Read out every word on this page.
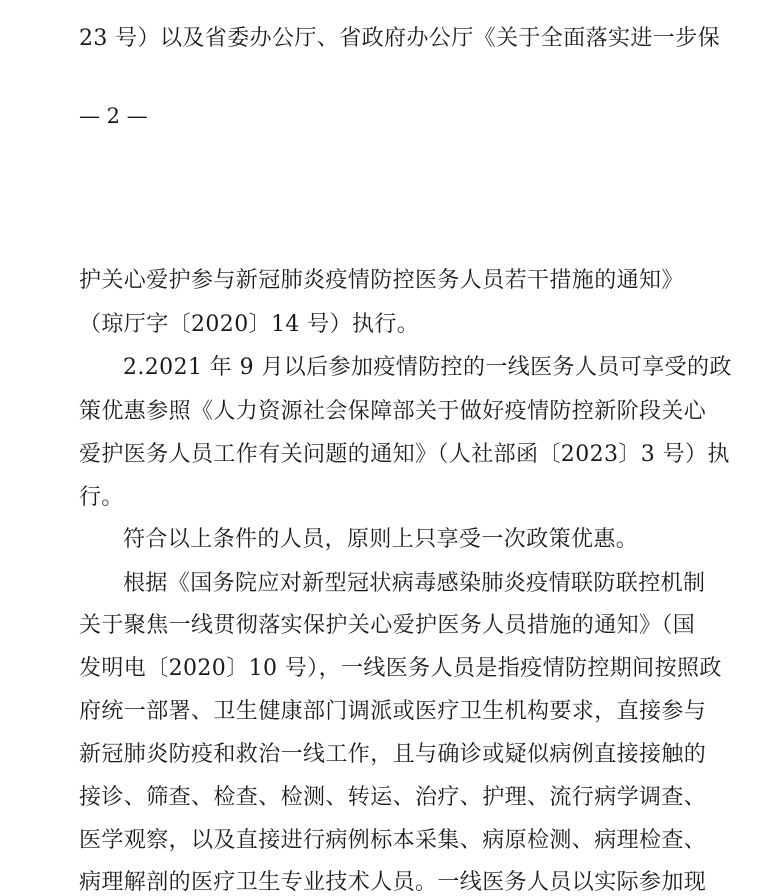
23 号）以及省委办公厅、省政府办公厅《关于全面落实进一步保
— 2 —
护关心爱护参与新冠肺炎疫情防控医务人员若干措施的通知》
（琼厅字〔2020〕14 号）执行。
2.2021 年 9 月以后参加疫情防控的一线医务人员可享受的政
策优惠参照《人力资源社会保障部关于做好疫情防控新阶段关心
爱护医务人员工作有关问题的通知》（人社部函〔2023〕3 号）执
行。
符合以上条件的人员，原则上只享受一次政策优惠。
根据《国务院应对新型冠状病毒感染肺炎疫情联防联控机制
关于聚焦一线贯彻落实保护关心爱护医务人员措施的通知》（国
发明电〔2020〕10 号），一线医务人员是指疫情防控期间按照政
府统一部署、卫生健康部门调派或医疗卫生机构要求，直接参与
新冠肺炎防疫和救治一线工作，且与确诊或疑似病例直接接触的
接诊、筛查、检查、检测、转运、治疗、护理、流行病学调查、
医学观察，以及直接进行病例标本采集、病原检测、病理检查、
病理解剖的医疗卫生专业技术人员。一线医务人员以实际参加现
